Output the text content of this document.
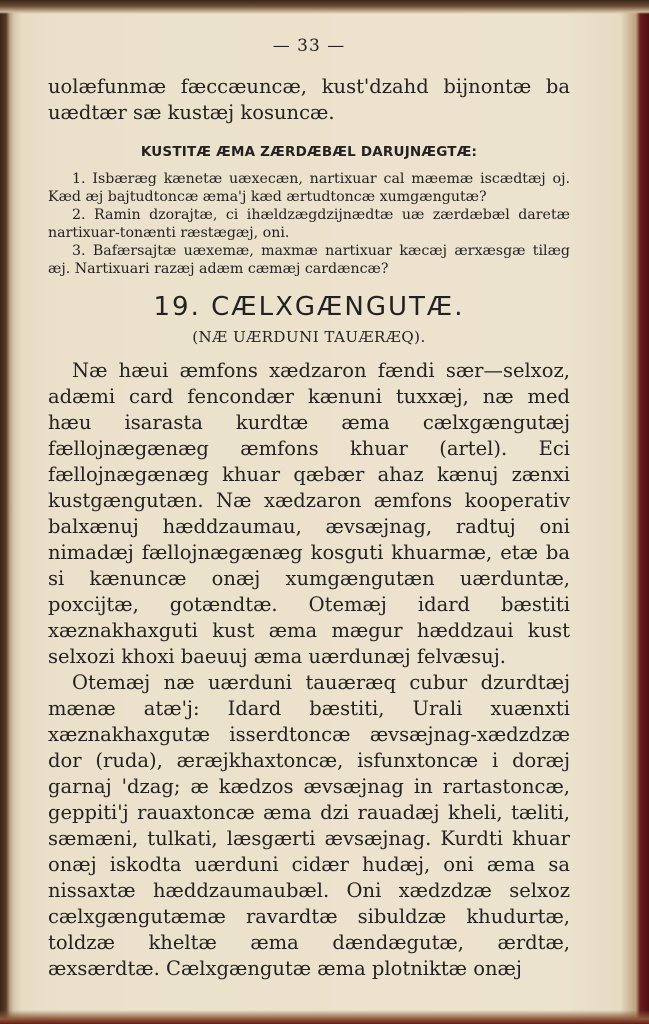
— 33 —

uolæfunmæ fæccæuncæ, kust'dzahd bijnontæ ba uædtær sæ kustæj kosuncæ.

KUSTITÆ ÆMA ZÆRDÆBÆL DARUJNÆGTÆ:

1. Isbæræg kænetæ uæxecæn, nartixuar cal mæemæ iscædtæj oj. Kæd æj bajtudtoncæ æma'j kæd ærtudtoncæ xumgængutæ?

2. Ramin dzorajtæ, ci ihældzægdzijnædtæ uæ zærdæbæl daretæ nartixuar-tonænti ræstægæj, oni.

3. Bafærsajtæ uæxemæ, maxmæ nartixuar kæcæj ærxæsgæ tilæg æj. Nartixuari razæj adæm cæmæj cardæncæ?

19. CÆLXGÆNGUTÆ.
(NÆ UÆRDUNI TAUÆRÆQ).

Næ hæui æmfons xædzaron fændi sær—selxoz, adæmi card fencondær kænuni tuxxæj, næ med hæu isarasta kurdtæ æma cælxgængutæj fællojnægænæg æmfons khuar (artel). Eci fællojnægænæg khuar qæbær ahaz kænuj zænxi kustgængutæn. Næ xædzaron æmfons kooperativ balxænuj hæddzaumau, ævsæjnag, radtuj oni nimadæj fællojnægænæg kosguti khuarmæ, etæ ba si kænuncæ onæj xumgængutæn uærduntæ, poxcijtæ, gotændtæ. Otemæj idard bæstiti xæznakhaxguti kust æma mægur hæddzaui kust selxozi khoxi baeuuj æma uærdunæj felvæsuj.

Otemæj næ uærduni tauæræq cubur dzurdtæj mænæ atæ'j: Idard bæstiti, Urali xuænxti xæznakhaxgutæ isserdtoncæ ævsæjnag-xædzdzæ dor (ruda), æræjkhaxtoncæ, isfunxtoncæ i doræj garnaj 'dzag; æ kædzos ævsæjnag in rartastoncæ, geppiti'j rauaxtoncæ æma dzi rauadæj kheli, tæliti, sæmæni, tulkati, læsgærti ævsæjnag. Kurdti khuar onæj iskodta uærduni cidær hudæj, oni æma sa nissaxtæ hæddzaumaubæl. Oni xædzdzæ selxoz cælxgængutæmæ ravardtæ sibuldzæ khudurtæ, toldzæ kheltæ æma dændægutæ, ærdtæ, æxsærdtæ. Cælxgængutæ æma plotniktæ onæj
